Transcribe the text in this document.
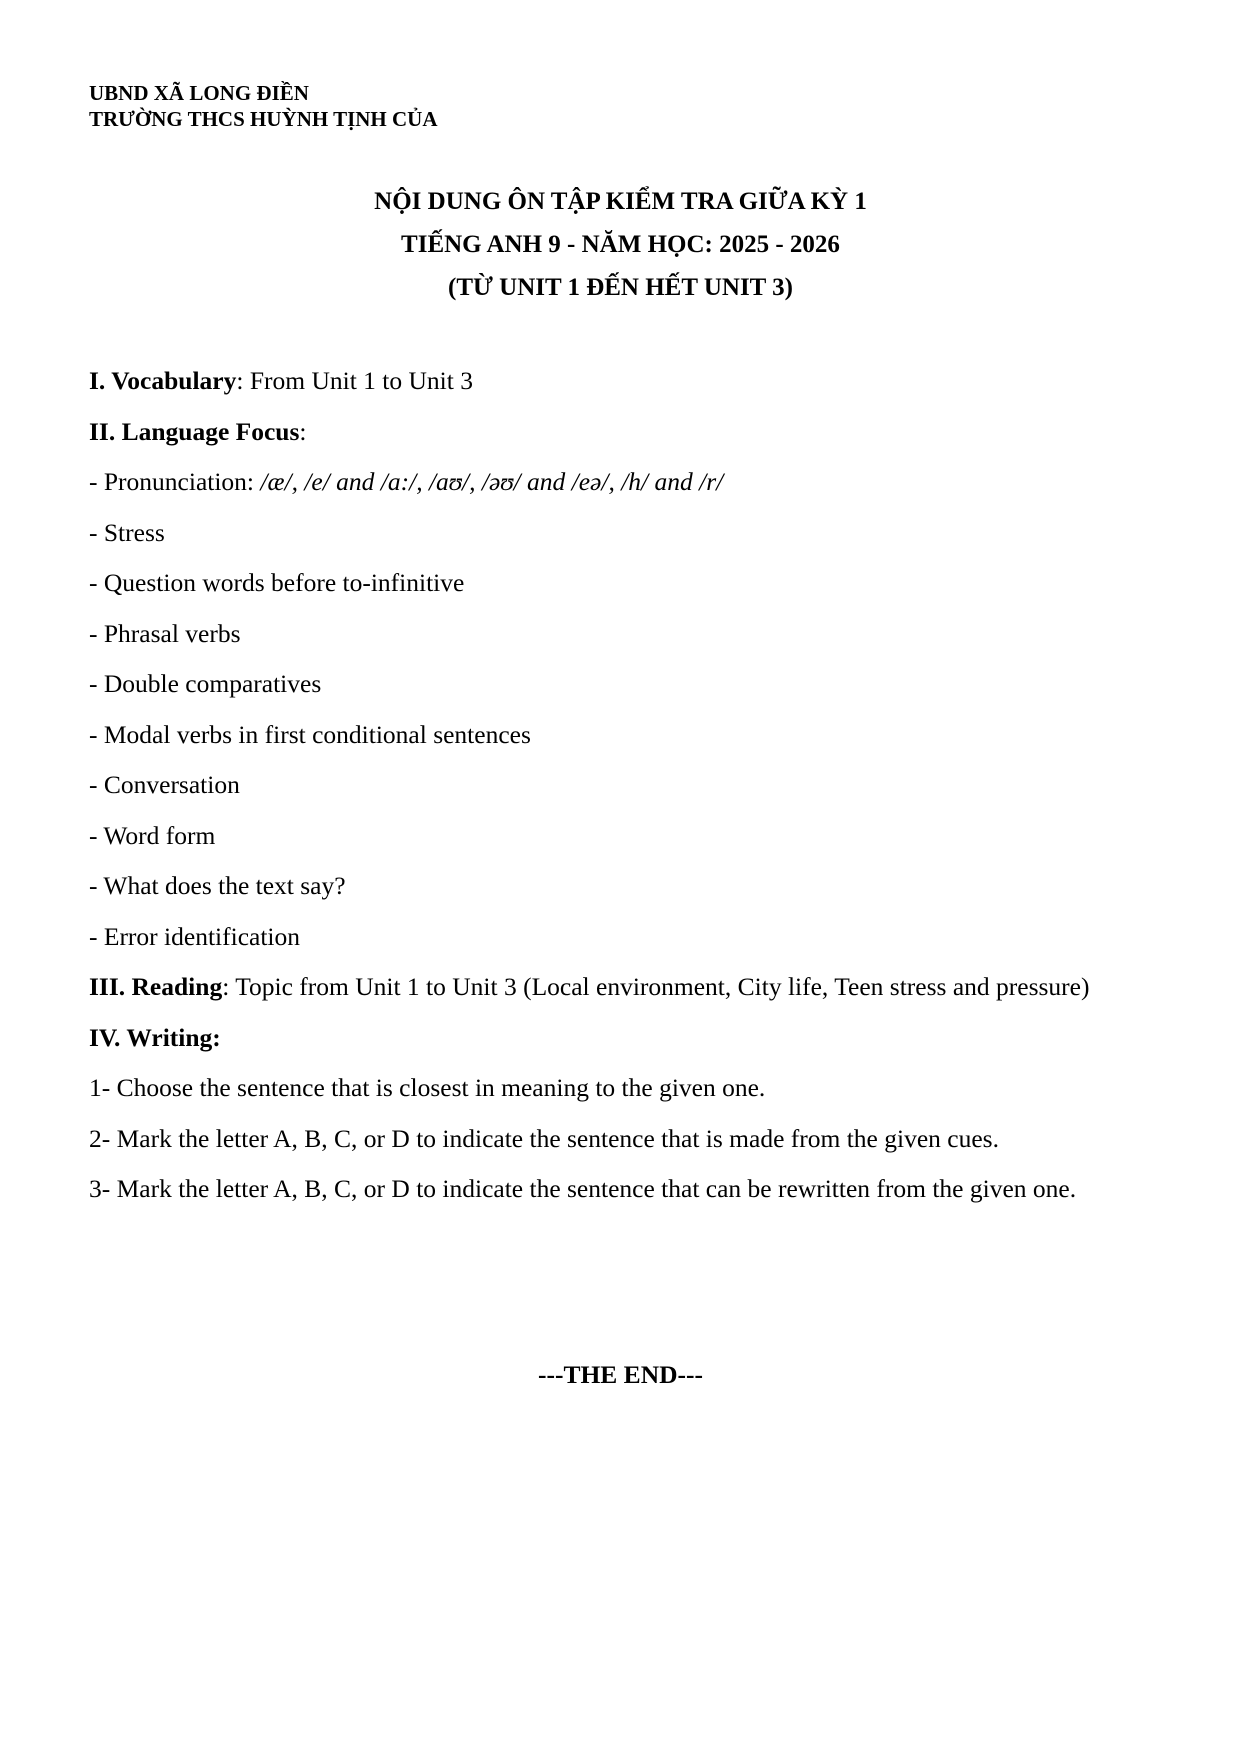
UBND XÃ LONG ĐIỀN
TRƯỜNG THCS HUỲNH TỊNH CỦA
NỘI DUNG ÔN TẬP KIỂM TRA GIỮA KỲ 1
TIẾNG ANH 9 - NĂM HỌC: 2025 - 2026
(TỪ UNIT 1 ĐẾN HẾT UNIT 3)
I. Vocabulary: From Unit 1 to Unit 3
II. Language Focus:
- Pronunciation: /æ/, /e/ and /a:/, /aʊ/, /əʊ/ and /eə/, /h/ and /r/
- Stress
- Question words before to-infinitive
- Phrasal verbs
- Double comparatives
- Modal verbs in first conditional sentences
- Conversation
- Word form
- What does the text say?
- Error identification
III. Reading: Topic from Unit 1 to Unit 3 (Local environment, City life, Teen stress and pressure)
IV. Writing:
1- Choose the sentence that is closest in meaning to the given one.
2- Mark the letter A, B, C, or D to indicate the sentence that is made from the given cues.
3- Mark the letter A, B, C, or D to indicate the sentence that can be rewritten from the given one.
---THE END---
